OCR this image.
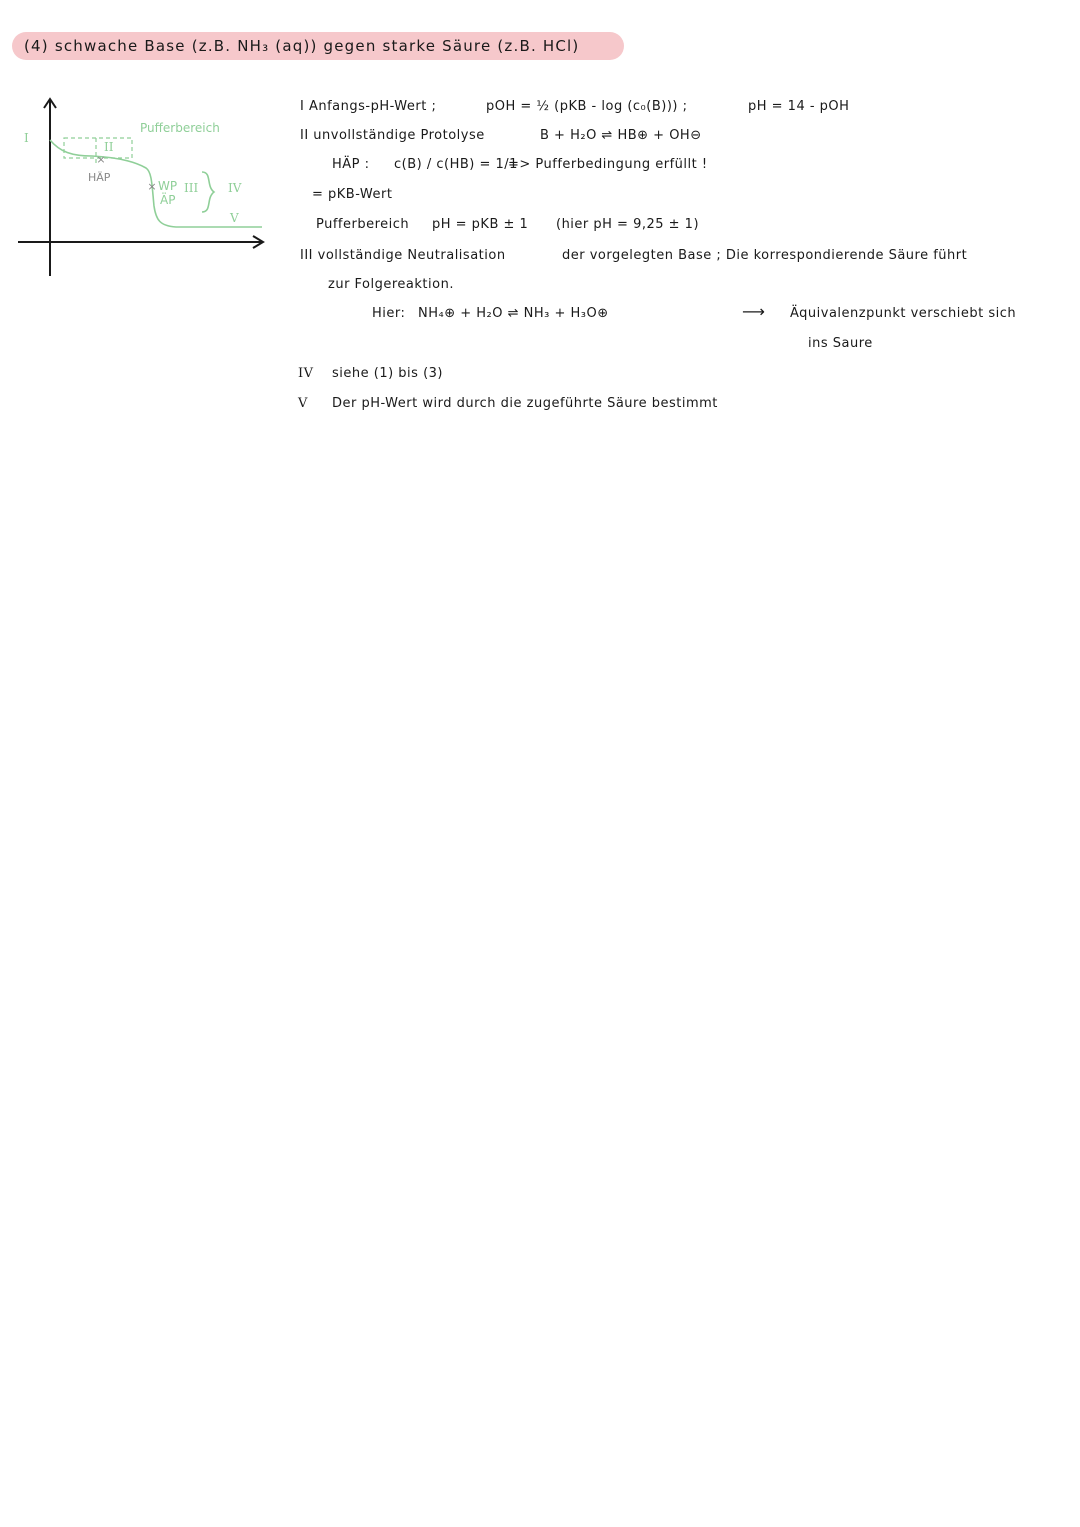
(4) schwache Base (z.B. NH₃ (aq)) gegen starke Säure (z.B. HCl)
×
×
I
II
Pufferbereich
HÄP
WP
ÄP
III IV
V
I Anfangs-pH-Wert ;	pOH = ½ (pKB - log (c₀(B))) ;	pH = 14 - pOH
II unvollständige Protolyse	B + H₂O ⇌ HB⊕ + OH⊖
HÄP : c(B) / c(HB) = 1/1
=> Pufferbedingung erfüllt !
= pKB-Wert
Pufferbereich pH = pKB ± 1 (hier pH = 9,25 ± 1)
III vollständige Neutralisation	der vorgelegten Base ; Die korrespondierende Säure führt
zur Folgereaktion.
Hier: NH₄⊕ + H₂O ⇌ NH₃ + H₃O⊕	⟶ Äquivalenzpunkt verschiebt sich
ins Saure
IV siehe (1) bis (3)
V Der pH-Wert wird durch die zugeführte Säure bestimmt
